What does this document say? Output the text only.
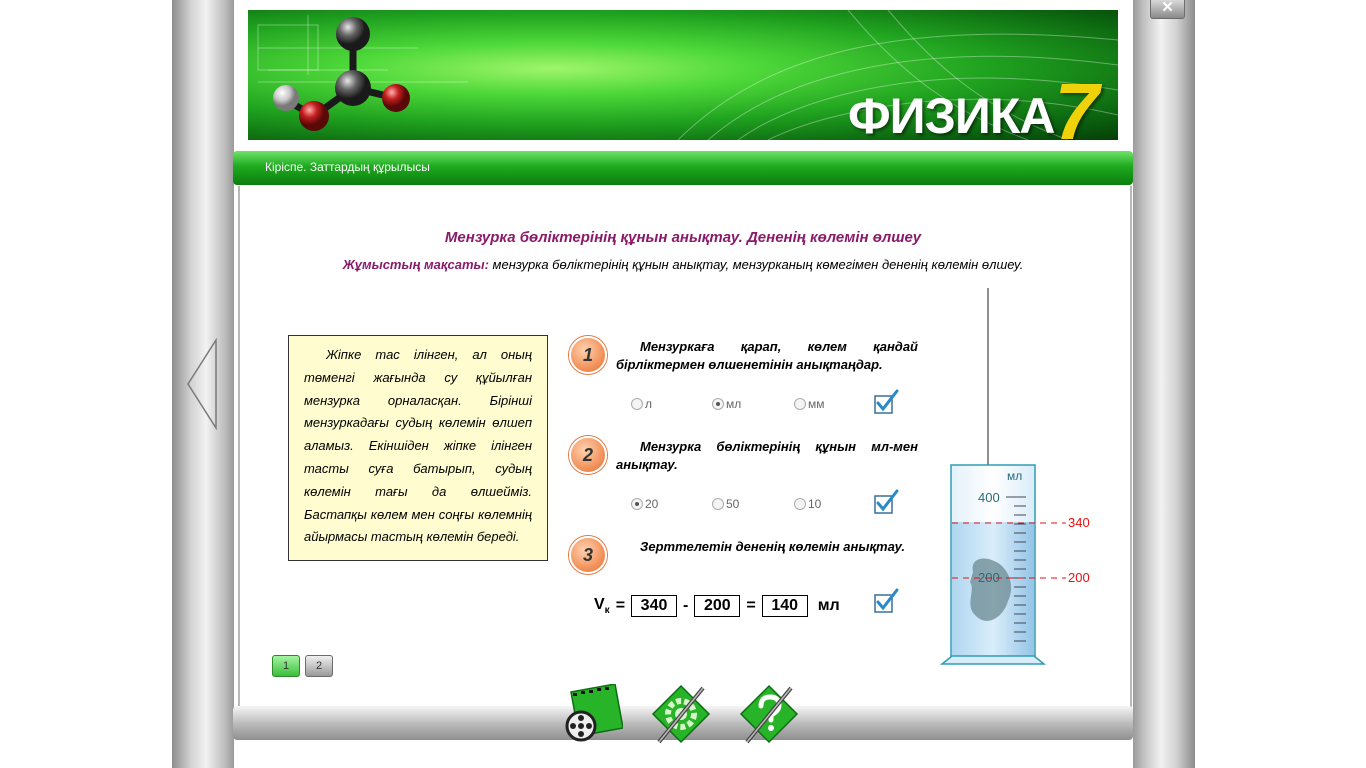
✕
ФИЗИКА7
Кіріспе. Заттардың құрылысы
Мензурка бөліктерінің құнын анықтау. Дененің көлемін өлшеу
Жұмыстың мақсаты: мензурка бөліктерінің құнын анықтау, мензурканың көмегімен дененің көлемін өлшеу.
Жіпке тас ілінген, ал оның төменгі жағында су құйылған мензурка орналасқан. Бірінші мензуркадағы судың көлемін өлшеп аламыз. Екіншіден жіпке ілінген тасты суға батырып, судың көлемін тағы да өлшейміз. Бастапқы көлем мен соңғы көлемнің айырмасы тастың көлемін береді.
1	Мензуркаға қарап, көлем қандай бірліктермен өлшенетінін анықтаңдар.
л	мл	мм
2	Мензурка бөліктерінің құнын мл-мен анықтау.
20	50	10
3	Зерттелетін дененің көлемін анықтау.
$V_к = 340 - 200 = 140$	мл
мл
400
200
340
200
1	2
